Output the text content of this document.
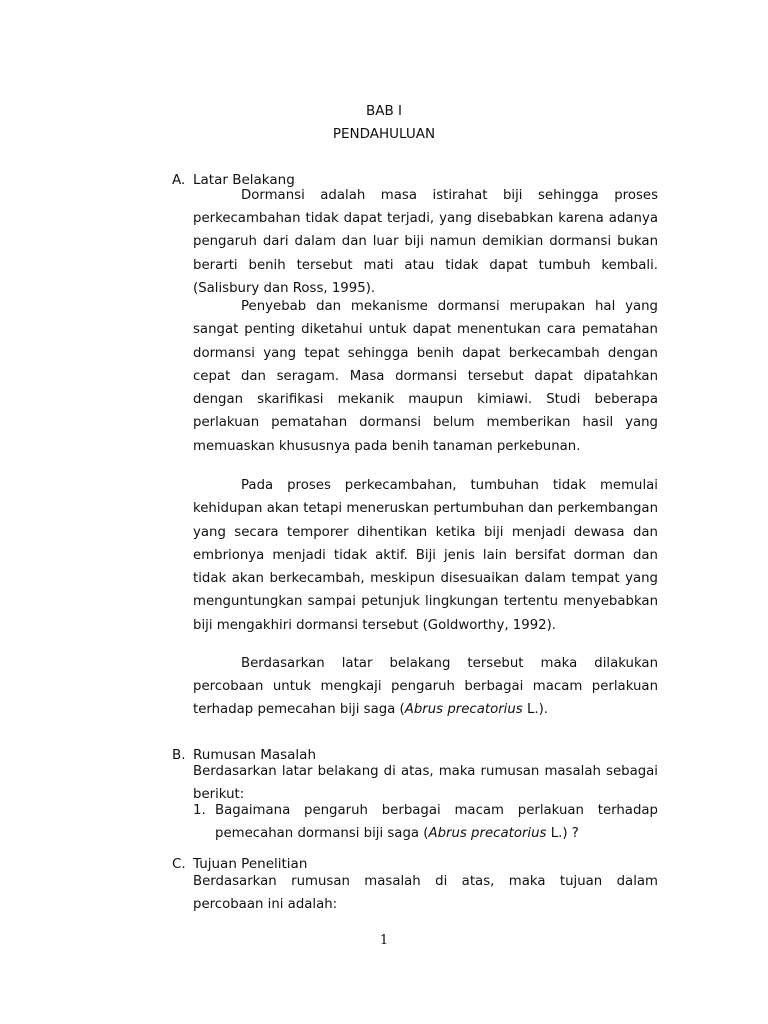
BAB I

PENDAHULUAN

A. Latar Belakang

Dormansi adalah masa istirahat biji sehingga proses perkecambahan tidak dapat terjadi, yang disebabkan karena adanya pengaruh dari dalam dan luar biji namun demikian dormansi bukan berarti benih tersebut mati atau tidak dapat tumbuh kembali. (Salisbury dan Ross, 1995).

Penyebab dan mekanisme dormansi merupakan hal yang sangat penting diketahui untuk dapat menentukan cara pematahan dormansi yang tepat sehingga benih dapat berkecambah dengan cepat dan seragam. Masa dormansi tersebut dapat dipatahkan dengan skarifikasi mekanik maupun kimiawi. Studi beberapa perlakuan pematahan dormansi belum memberikan hasil yang memuaskan khususnya pada benih tanaman perkebunan.

Pada proses perkecambahan, tumbuhan tidak memulai kehidupan akan tetapi meneruskan pertumbuhan dan perkembangan yang secara temporer dihentikan ketika biji menjadi dewasa dan embrionya menjadi tidak aktif. Biji jenis lain bersifat dorman dan tidak akan berkecambah, meskipun disesuaikan dalam tempat yang menguntungkan sampai petunjuk lingkungan tertentu menyebabkan biji mengakhiri dormansi tersebut (Goldworthy, 1992).

Berdasarkan latar belakang tersebut maka dilakukan percobaan untuk mengkaji pengaruh berbagai macam perlakuan terhadap pemecahan biji saga (Abrus precatorius L.).

B. Rumusan Masalah

Berdasarkan latar belakang di atas, maka rumusan masalah sebagai berikut:

1. Bagaimana pengaruh berbagai macam perlakuan terhadap pemecahan dormansi biji saga (Abrus precatorius L.) ?

C. Tujuan Penelitian

Berdasarkan rumusan masalah di atas, maka tujuan dalam percobaan ini adalah:

1
